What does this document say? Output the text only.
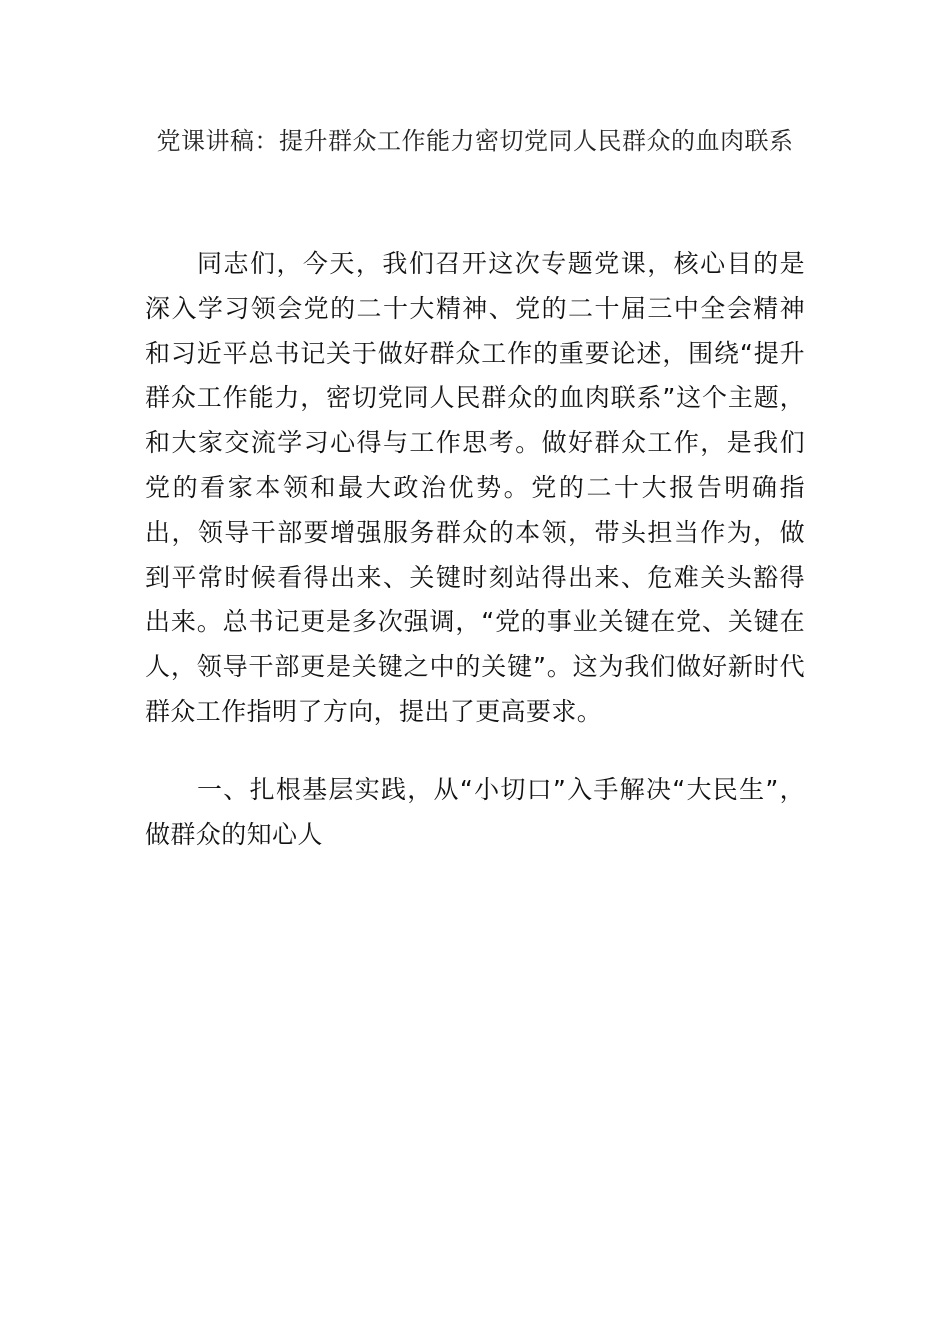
党课讲稿：提升群众工作能力密切党同人民群众的血肉联系

同志们，今天，我们召开这次专题党课，核心目的是深入学习领会党的二十大精神、党的二十届三中全会精神和习近平总书记关于做好群众工作的重要论述，围绕“提升群众工作能力，密切党同人民群众的血肉联系”这个主题，和大家交流学习心得与工作思考。做好群众工作，是我们党的看家本领和最大政治优势。党的二十大报告明确指出，领导干部要增强服务群众的本领，带头担当作为，做到平常时候看得出来、关键时刻站得出来、危难关头豁得出来。总书记更是多次强调，“党的事业关键在党、关键在人，领导干部更是关键之中的关键”。这为我们做好新时代群众工作指明了方向，提出了更高要求。

一、扎根基层实践，从“小切口”入手解决“大民生”，做群众的知心人
